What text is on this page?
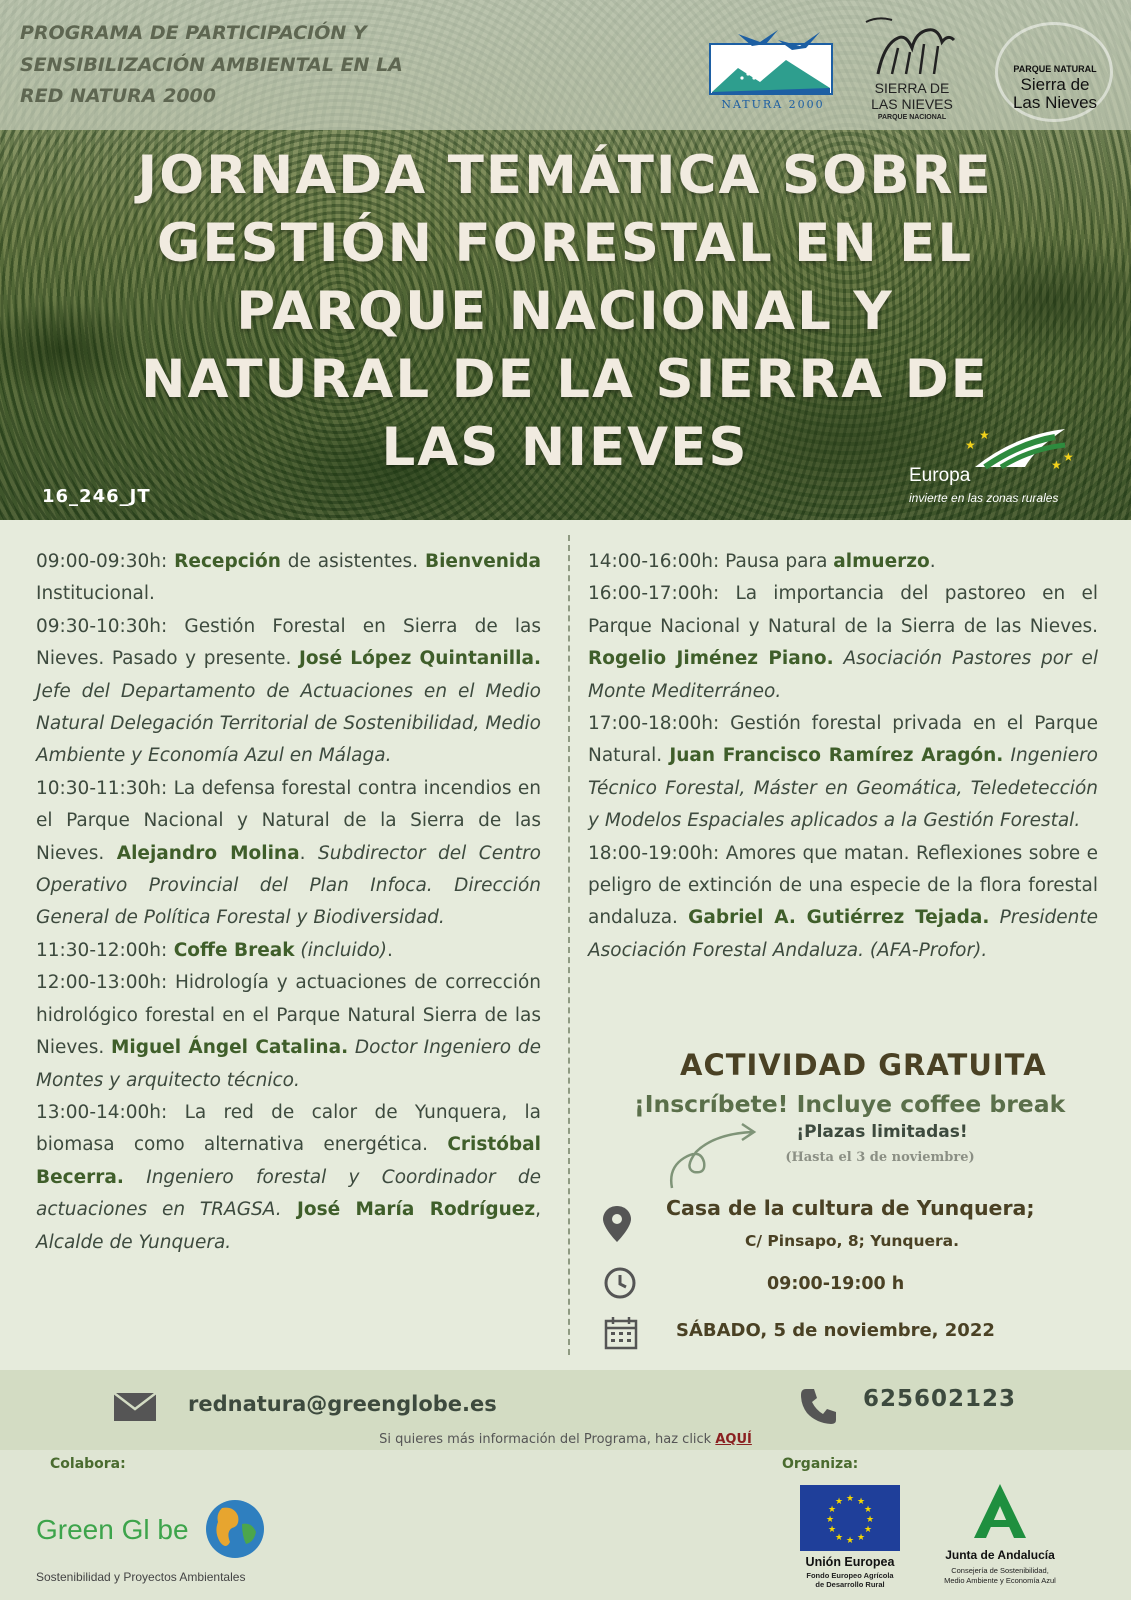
PROGRAMA DE PARTICIPACIÓN Y
SENSIBILIZACIÓN AMBIENTAL EN LA
RED NATURA 2000	NATURA 2000
SIERRA DE
LAS NIEVES
PARQUE NACIONAL
PARQUE NATURAL
Sierra de
Las Nieves
JORNADA TEMÁTICA SOBRE
GESTIÓN FORESTAL EN EL
PARQUE NACIONAL Y
NATURAL DE LA SIERRA DE
LAS NIEVES
16_246_JT
★
★
★
★
Europa
invierte en las zonas rurales

09:00-09:30h: Recepción de asistentes. Bienvenida Institucional.

09:30-10:30h: Gestión Forestal en Sierra de las Nieves. Pasado y presente. José López Quintanilla. Jefe del Departamento de Actuaciones en el Medio Natural Delegación Territorial de Sostenibilidad, Medio Ambiente y Economía Azul en Málaga.

10:30-11:30h: La defensa forestal contra incendios en el Parque Nacional y Natural de la Sierra de las Nieves. Alejandro Molina. Subdirector del Centro Operativo Provincial del Plan Infoca. Dirección General de Política Forestal y Biodiversidad.

11:30-12:00h: Coffe Break (incluido).

12:00-13:00h: Hidrología y actuaciones de corrección hidrológico forestal en el Parque Natural Sierra de las Nieves. Miguel Ángel Catalina. Doctor Ingeniero de Montes y arquitecto técnico.

13:00-14:00h: La red de calor de Yunquera, la biomasa como alternativa energética. Cristóbal Becerra. Ingeniero forestal y Coordinador de actuaciones en TRAGSA. José María Rodríguez, Alcalde de Yunquera.

14:00-16:00h: Pausa para almuerzo.

16:00-17:00h: La importancia del pastoreo en el Parque Nacional y Natural de la Sierra de las Nieves. Rogelio Jiménez Piano. Asociación Pastores por el Monte Mediterráneo.

17:00-18:00h: Gestión forestal privada en el Parque Natural. Juan Francisco Ramírez Aragón. Ingeniero Técnico Forestal, Máster en Geomática, Teledetección y Modelos Espaciales aplicados a la Gestión Forestal.

18:00-19:00h: Amores que matan. Reflexiones sobre e peligro de extinción de una especie de la flora forestal andaluza. Gabriel A. Gutiérrez Tejada. Presidente Asociación Forestal Andaluza. (AFA-Profor).

ACTIVIDAD GRATUITA
¡Inscríbete! Incluye coffee break
¡Plazas limitadas!
(Hasta el 3 de noviembre)
Casa de la cultura de Yunquera;
C/ Pinsapo, 8; Yunquera.
09:00-19:00 h
SÁBADO, 5 de noviembre, 2022
rednatura@greenglobe.es	625602123
Si quieres más información del Programa, haz click AQUÍ
Colabora:	Organiza:
Green Gl be
Sostenibilidad y Proyectos Ambientales
★ ★
★
★
★
★
★
★
★
★
★
★
Unión Europea
Fondo Europeo Agrícola
de Desarrollo Rural
Junta de Andalucía
Consejería de Sostenibilidad,
Medio Ambiente y Economía Azul
